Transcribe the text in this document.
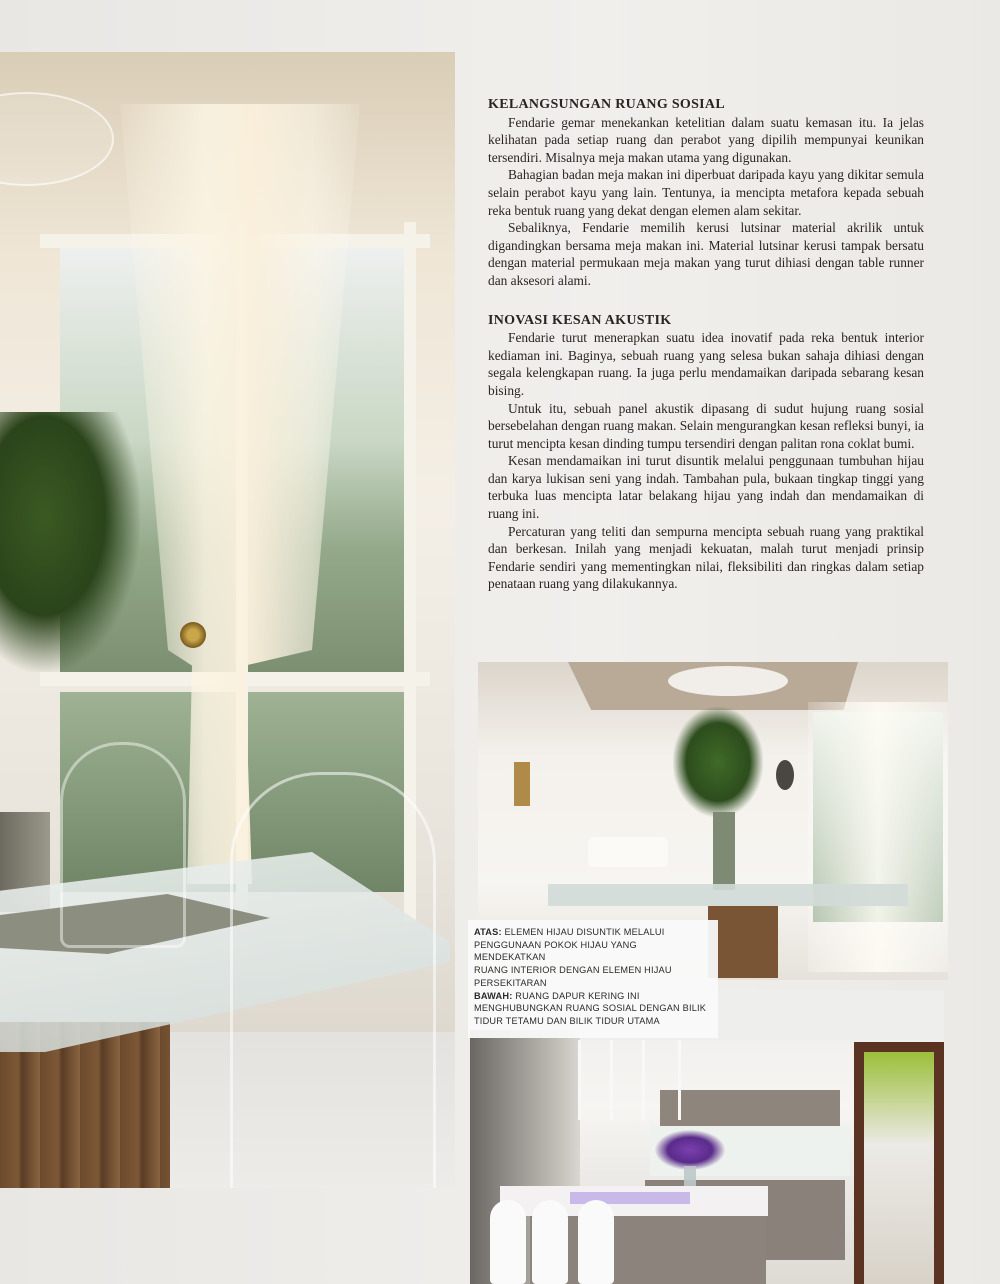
KELANGSUNGAN RUANG SOSIAL

Fendarie gemar menekankan ketelitian dalam suatu kemasan itu. Ia jelas kelihatan pada setiap ruang dan perabot yang dipilih mempunyai keunikan tersendiri. Misalnya meja makan utama yang digunakan.

Bahagian badan meja makan ini diperbuat daripada kayu yang dikitar semula selain perabot kayu yang lain. Tentunya, ia mencipta metafora kepada sebuah reka bentuk ruang yang dekat dengan elemen alam sekitar.

Sebaliknya, Fendarie memilih kerusi lutsinar material akrilik untuk digandingkan bersama meja makan ini. Material lutsinar kerusi tampak bersatu dengan material permukaan meja makan yang turut dihiasi dengan table runner dan aksesori alami.

INOVASI KESAN AKUSTIK

Fendarie turut menerapkan suatu idea inovatif pada reka bentuk interior kediaman ini. Baginya, sebuah ruang yang selesa bukan sahaja dihiasi dengan segala kelengkapan ruang. Ia juga perlu mendamaikan daripada sebarang kesan bising.

Untuk itu, sebuah panel akustik dipasang di sudut hujung ruang sosial bersebelahan dengan ruang makan. Selain mengurangkan kesan refleksi bunyi, ia turut mencipta kesan dinding tumpu tersendiri dengan palitan rona coklat bumi.

Kesan mendamaikan ini turut disuntik melalui penggunaan tumbuhan hijau dan karya lukisan seni yang indah. Tambahan pula, bukaan tingkap tinggi yang terbuka luas mencipta latar belakang hijau yang indah dan mendamaikan di ruang ini.

Percaturan yang teliti dan sempurna mencipta sebuah ruang yang praktikal dan berkesan. Inilah yang menjadi kekuatan, malah turut menjadi prinsip Fendarie sendiri yang mementingkan nilai, fleksibiliti dan ringkas dalam setiap penataan ruang yang dilakukannya.

ATAS: ELEMEN HIJAU DISUNTIK MELALUI
PENGGUNAAN POKOK HIJAU YANG MENDEKATKAN
RUANG INTERIOR DENGAN ELEMEN HIJAU
PERSEKITARAN
BAWAH: RUANG DAPUR KERING INI
MENGHUBUNGKAN RUANG SOSIAL DENGAN BILIK
TIDUR TETAMU DAN BILIK TIDUR UTAMA
